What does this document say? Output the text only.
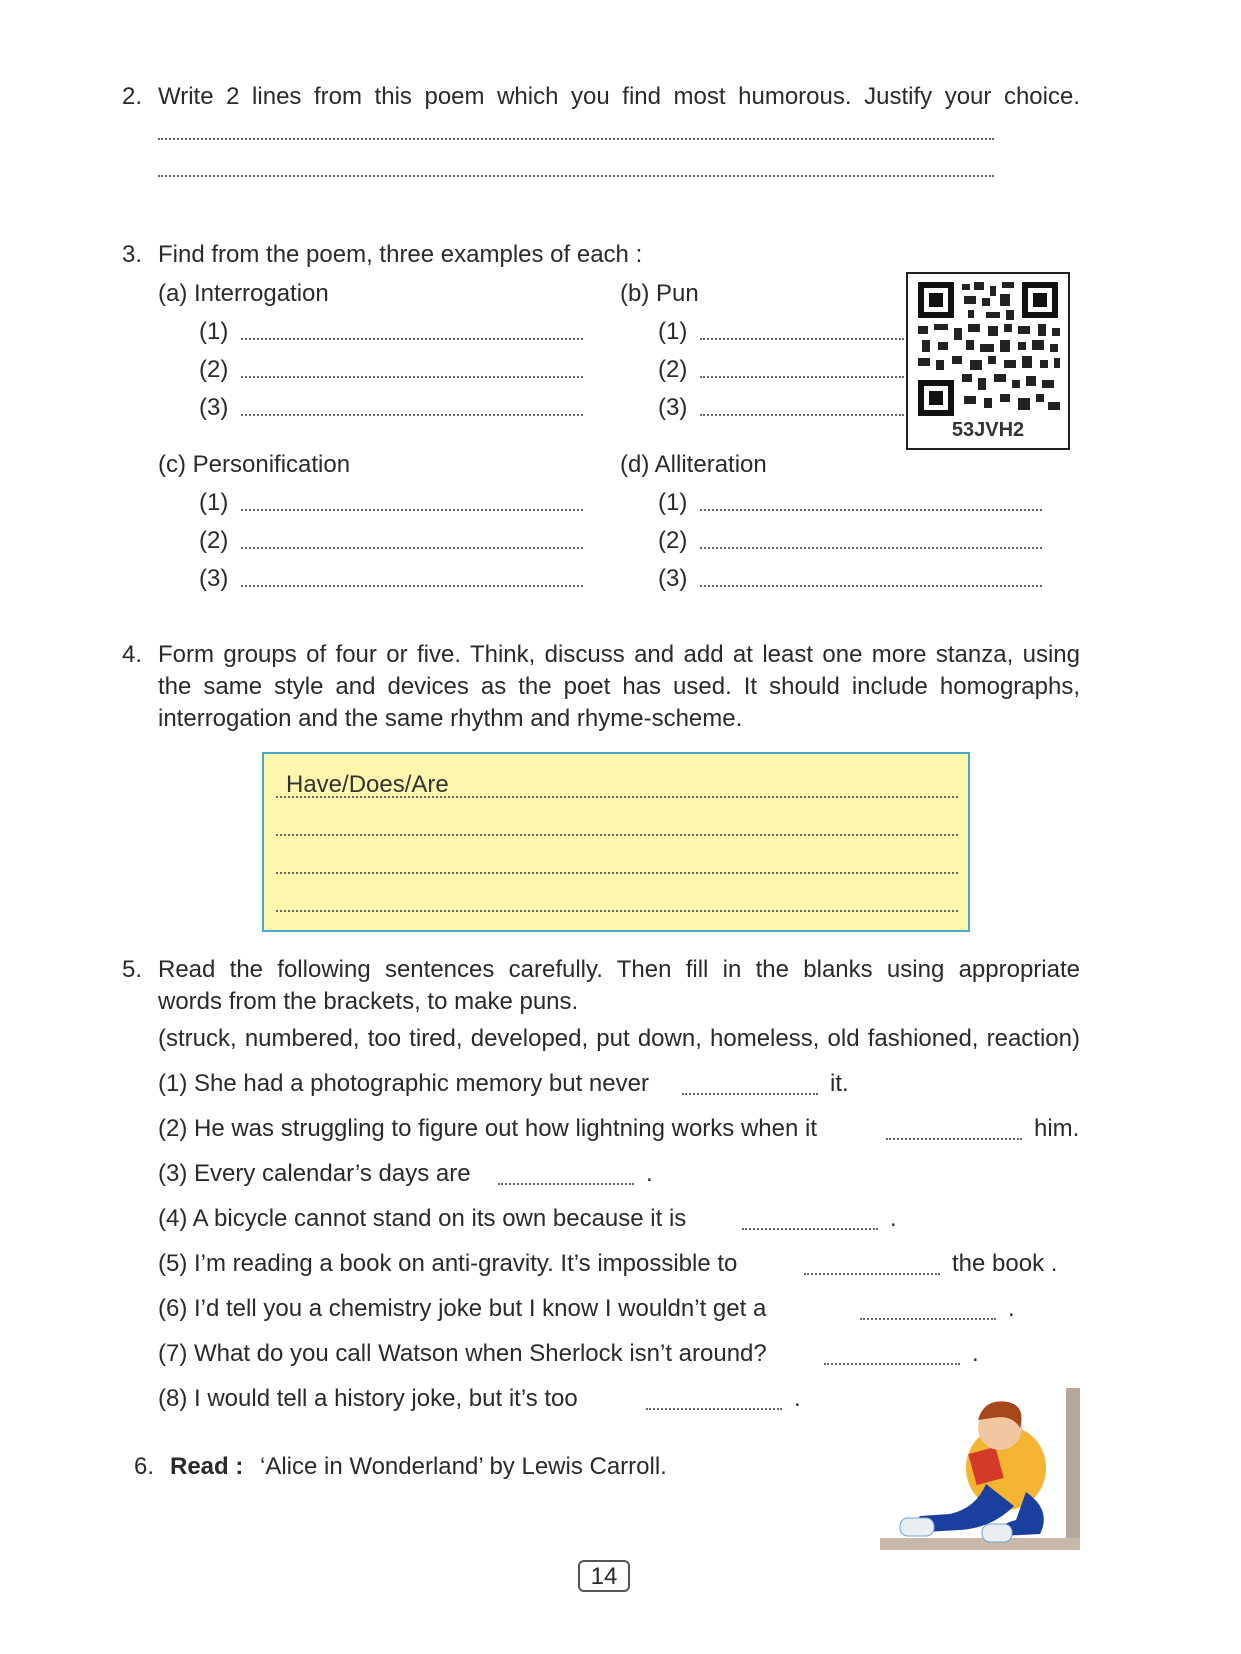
2. Write 2 lines from this poem which you find most humorous. Justify your choice.
3. Find from the poem, three examples of each :
(a) Interrogation
(1)
(2)
(3)
(b) Pun
(1)
(2)
(3)
53JVH2
(c) Personification
(1)
(2)
(3)
(d) Alliteration
(1)
(2)
(3)
4. Form groups of four or five. Think, discuss and add at least one more stanza, using
the same style and devices as the poet has used. It should include homographs,
interrogation and the same rhythm and rhyme-scheme.
Have/Does/Are
5. Read the following sentences carefully. Then fill in the blanks using appropriate
words from the brackets, to make puns.
(struck, numbered, too tired, developed, put down, homeless, old fashioned, reaction)
(1) She had a photographic memory but never	it.
(2) He was struggling to figure out how lightning works when it	him.
(3) Every calendar’s days are	.
(4) A bicycle cannot stand on its own because it is	.
(5) I’m reading a book on anti-gravity. It’s impossible to	the book .
(6) I’d tell you a chemistry joke but I know I wouldn’t get a	.
(7) What do you call Watson when Sherlock isn’t around?	.
(8) I would tell a history joke, but it’s too	.
6. Read : ‘Alice in Wonderland’ by Lewis Carroll.
14
